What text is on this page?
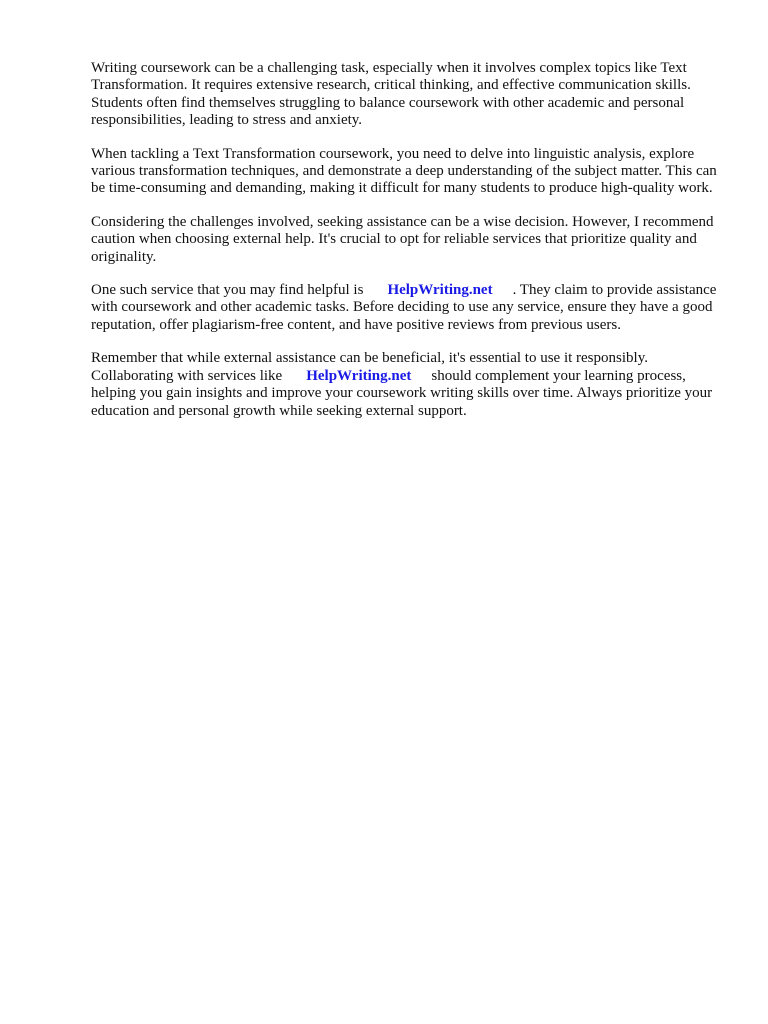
Writing coursework can be a challenging task, especially when it involves complex topics like Text Transformation. It requires extensive research, critical thinking, and effective communication skills. Students often find themselves struggling to balance coursework with other academic and personal responsibilities, leading to stress and anxiety.

When tackling a Text Transformation coursework, you need to delve into linguistic analysis, explore various transformation techniques, and demonstrate a deep understanding of the subject matter. This can be time-consuming and demanding, making it difficult for many students to produce high-quality work.

Considering the challenges involved, seeking assistance can be a wise decision. However, I recommend caution when choosing external help. It's crucial to opt for reliable services that prioritize quality and originality.

One such service that you may find helpful is HelpWriting.net . They claim to provide assistance with coursework and other academic tasks. Before deciding to use any service, ensure they have a good reputation, offer plagiarism-free content, and have positive reviews from previous users.

Remember that while external assistance can be beneficial, it's essential to use it responsibly. Collaborating with services like HelpWriting.net should complement your learning process, helping you gain insights and improve your coursework writing skills over time. Always prioritize your education and personal growth while seeking external support.
